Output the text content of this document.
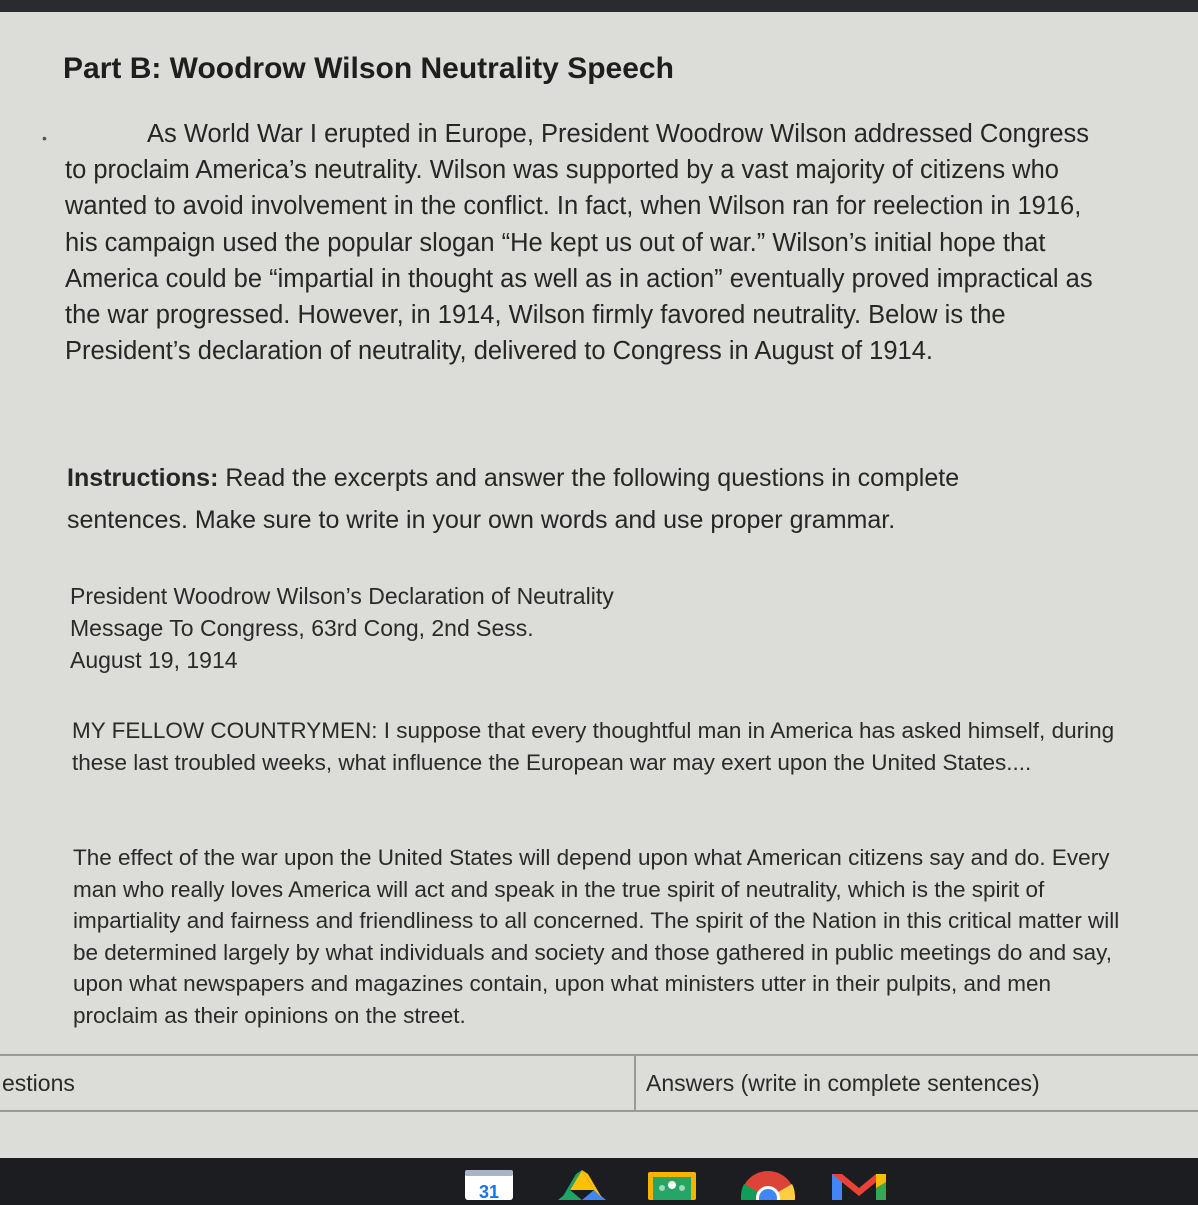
Part B: Woodrow Wilson Neutrality Speech
•	As World War I erupted in Europe, President Woodrow Wilson addressed Congress to proclaim America’s neutrality. Wilson was supported by a vast majority of citizens who wanted to avoid involvement in the conflict. In fact, when Wilson ran for reelection in 1916, his campaign used the popular slogan “He kept us out of war.” Wilson’s initial hope that America could be “impartial in thought as well as in action” eventually proved impractical as the war progressed. However, in 1914, Wilson firmly favored neutrality. Below is the President’s declaration of neutrality, delivered to Congress in August of 1914.

Instructions: Read the excerpts and answer the following questions in complete sentences. Make sure to write in your own words and use proper grammar.

President Woodrow Wilson’s Declaration of Neutrality
Message To Congress, 63rd Cong, 2nd Sess.
August 19, 1914

MY FELLOW COUNTRYMEN: I suppose that every thoughtful man in America has asked himself, during these last troubled weeks, what influence the European war may exert upon the United States....

The effect of the war upon the United States will depend upon what American citizens say and do. Every man who really loves America will act and speak in the true spirit of neutrality, which is the spirit of impartiality and fairness and friendliness to all concerned. The spirit of the Nation in this critical matter will be determined largely by what individuals and society and those gathered in public meetings do and say, upon what newspapers and magazines contain, upon what ministers utter in their pulpits, and men proclaim as their opinions on the street.

estions	Answers (write in complete sentences)
31
